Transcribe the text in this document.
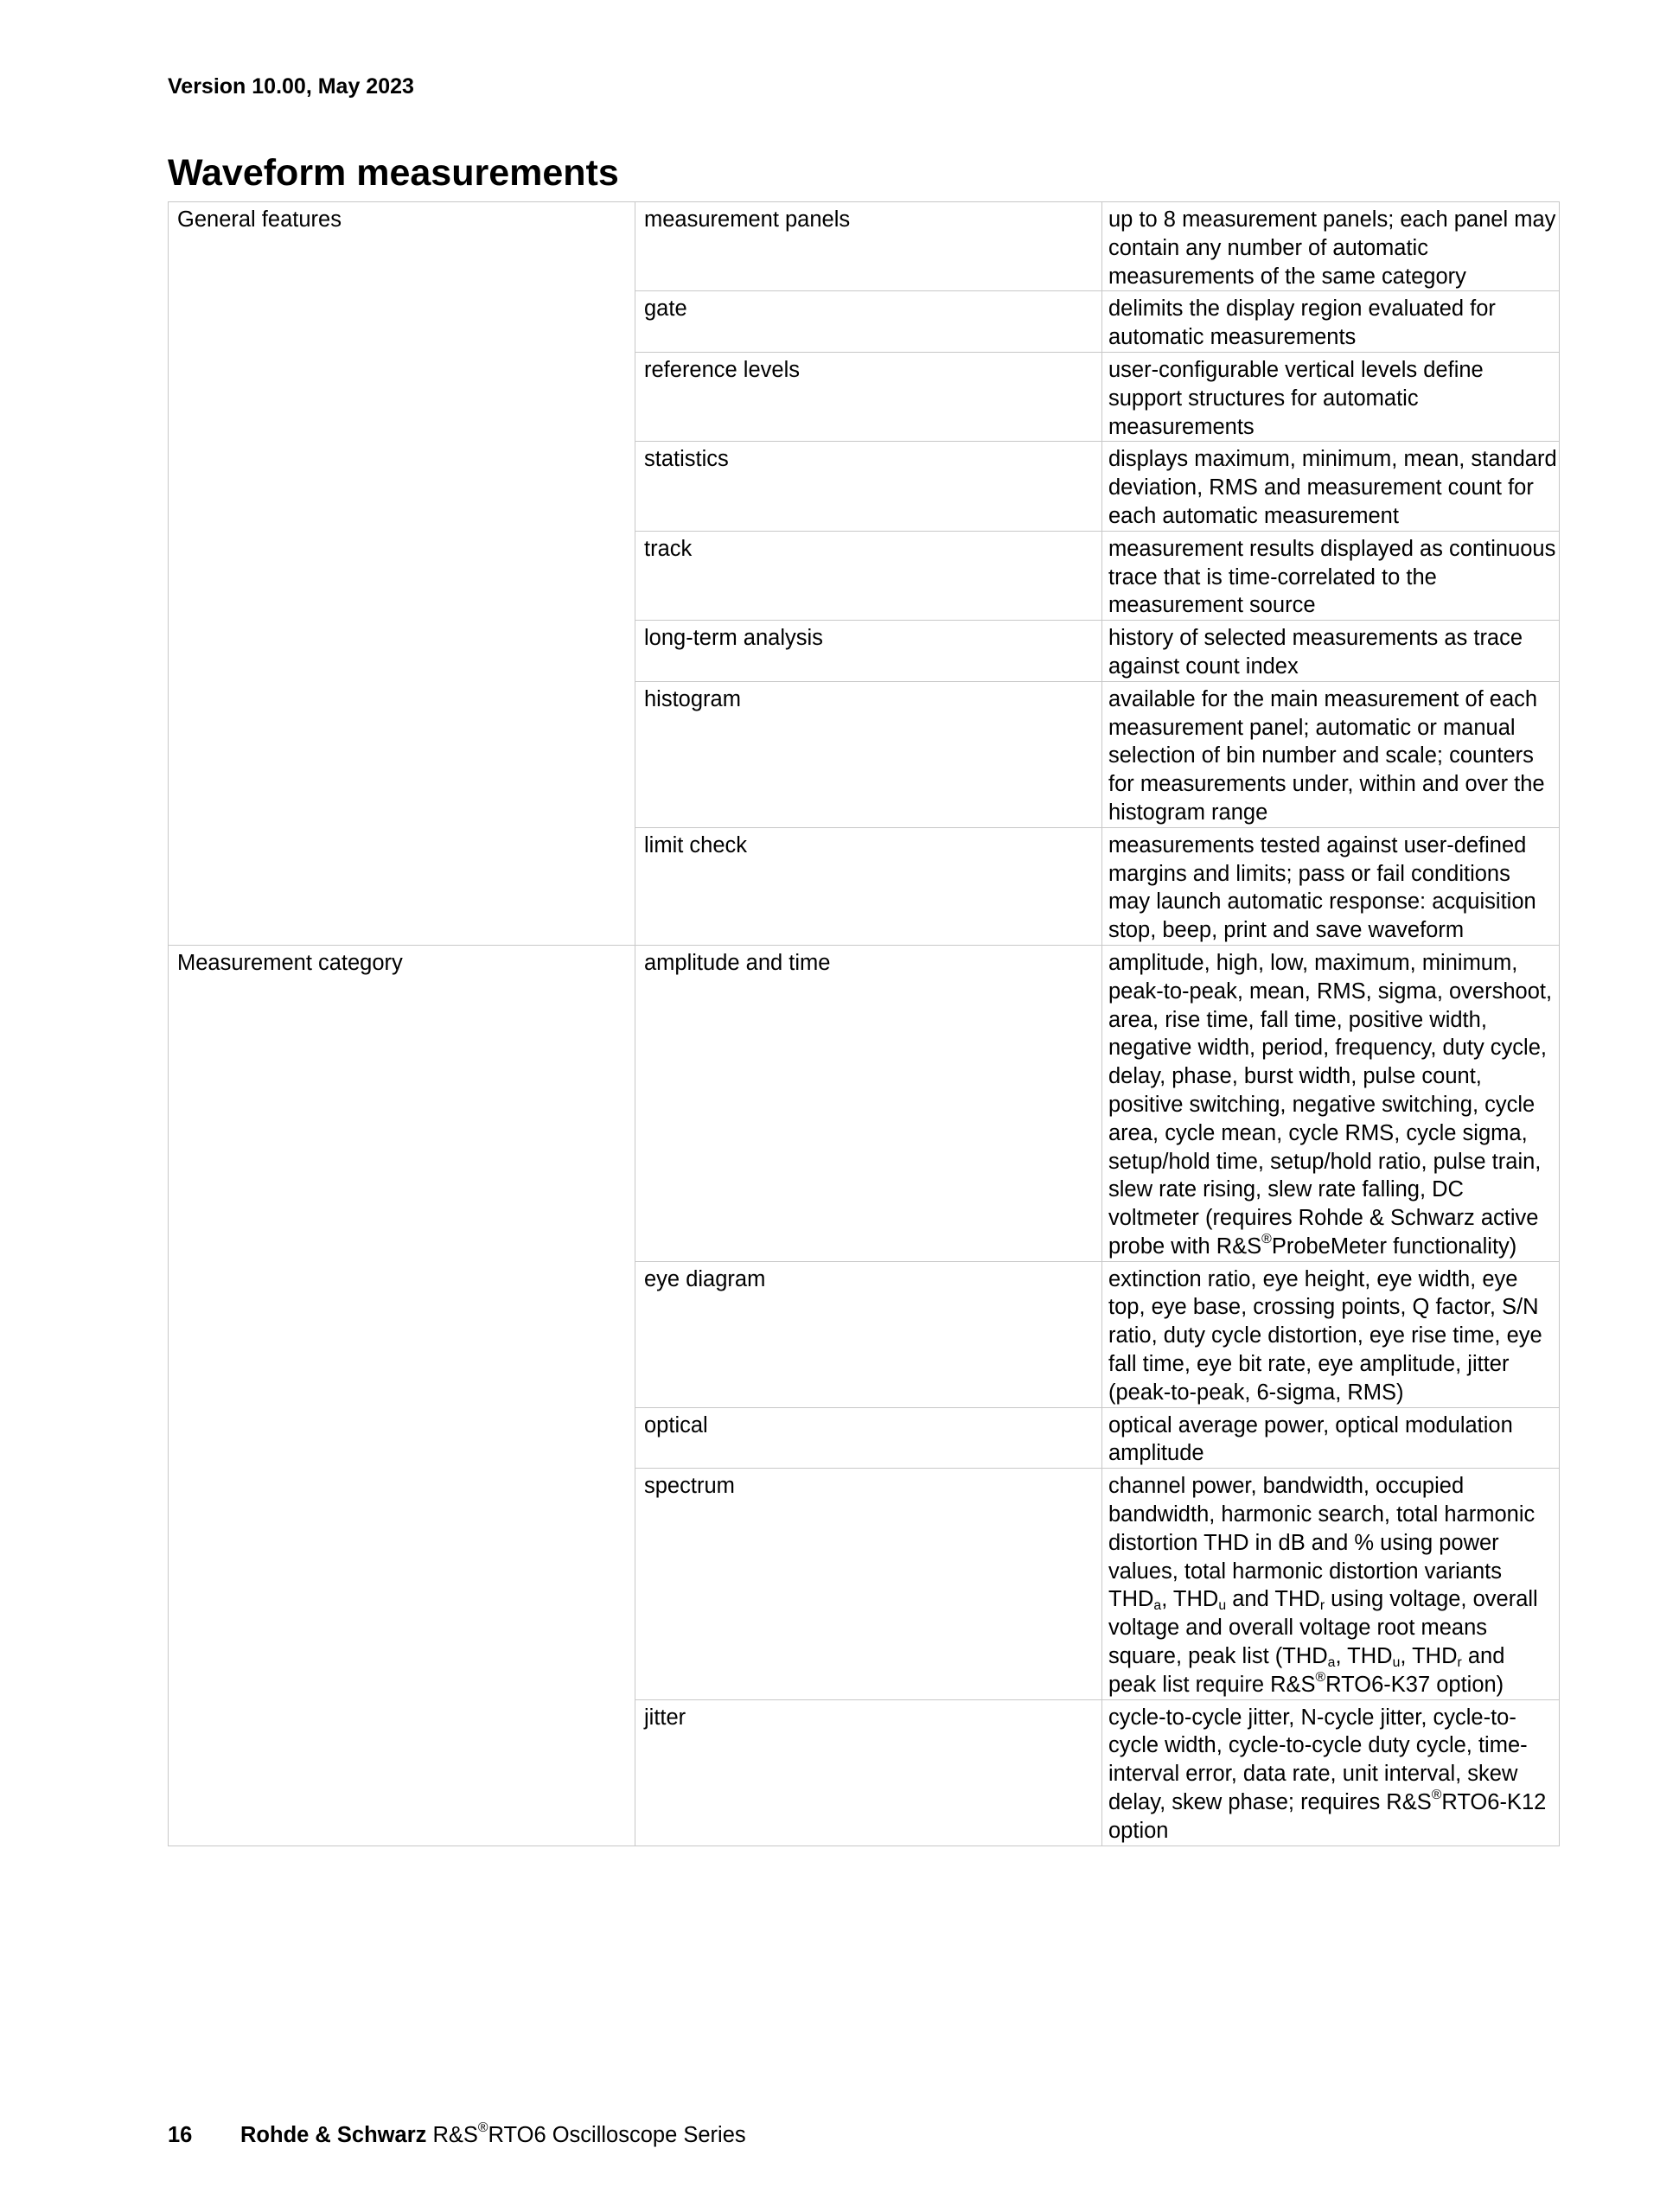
Version 10.00, May 2023
Waveform measurements
General features	measurement panels	up to 8 measurement panels; each panel may contain any number of automatic measurements of the same category
	gate	delimits the display region evaluated for automatic measurements
	reference levels	user-configurable vertical levels define support structures for automatic measurements
	statistics	displays maximum, minimum, mean, standard deviation, RMS and measurement count for each automatic measurement
	track	measurement results displayed as continuous trace that is time-correlated to the measurement source
	long-term analysis	history of selected measurements as trace against count index
	histogram	available for the main measurement of each measurement panel; automatic or manual selection of bin number and scale; counters for measurements under, within and over the histogram range
	limit check	measurements tested against user-defined margins and limits; pass or fail conditions may launch automatic response: acquisition stop, beep, print and save waveform
Measurement category	amplitude and time	amplitude, high, low, maximum, minimum, peak-to-peak, mean, RMS, sigma, overshoot, area, rise time, fall time, positive width, negative width, period, frequency, duty cycle, delay, phase, burst width, pulse count, positive switching, negative switching, cycle area, cycle mean, cycle RMS, cycle sigma, setup/hold time, setup/hold ratio, pulse train, slew rate rising, slew rate falling, DC voltmeter (requires Rohde & Schwarz active probe with R&S®ProbeMeter functionality)
	eye diagram	extinction ratio, eye height, eye width, eye top, eye base, crossing points, Q factor, S/N ratio, duty cycle distortion, eye rise time, eye fall time, eye bit rate, eye amplitude, jitter (peak-to-peak, 6-sigma, RMS)
	optical	optical average power, optical modulation amplitude
	spectrum	channel power, bandwidth, occupied bandwidth, harmonic search, total harmonic distortion THD in dB and % using power values, total harmonic distortion variants $THD_a$, $THD_u$ and $THD_r$ using voltage, overall voltage and overall voltage root means square, peak list ($THD_a$, $THD_u$, $THD_r$ and peak list require R&S®RTO6-K37 option)
	jitter	cycle-to-cycle jitter, N-cycle jitter, cycle-to-cycle width, cycle-to-cycle duty cycle, time-interval error, data rate, unit interval, skew delay, skew phase; requires R&S®RTO6-K12 option
16 Rohde & Schwarz R&S®RTO6 Oscilloscope Series
